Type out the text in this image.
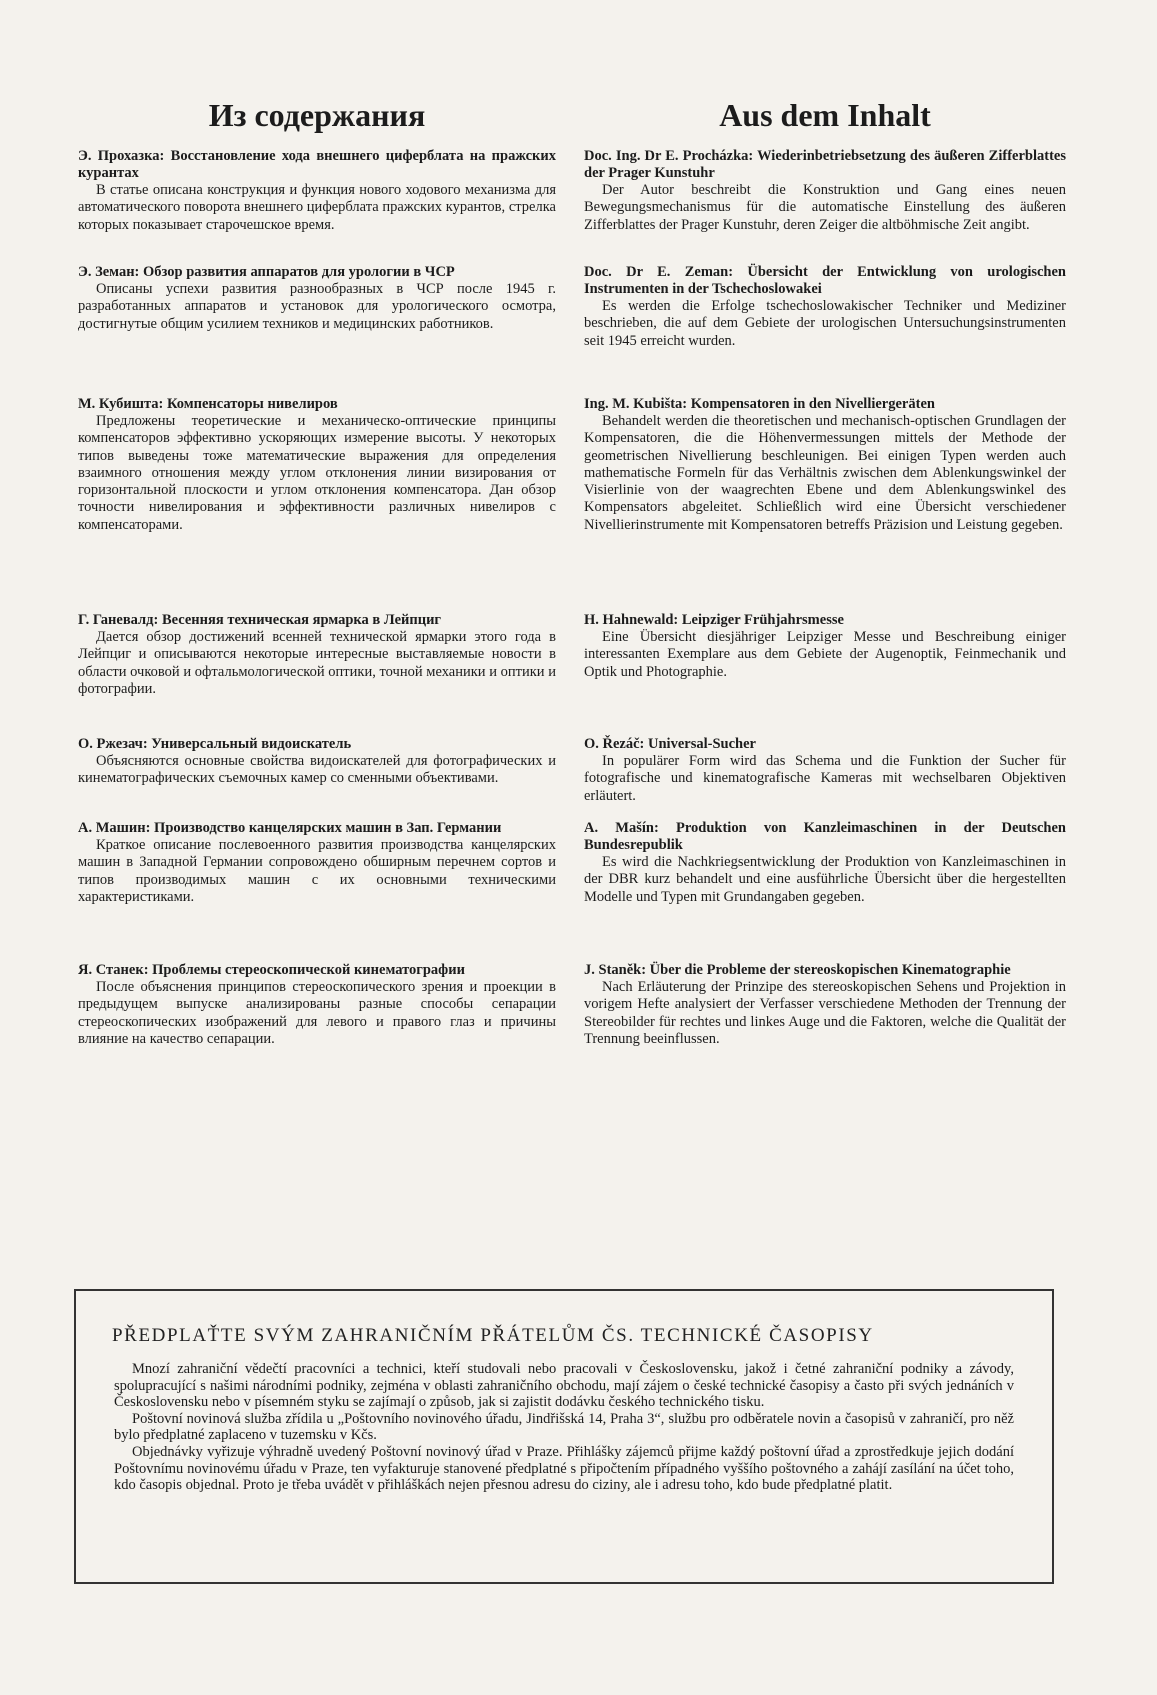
Из содержания
Э. Прохазка: Восстановление хода внешнего циферблата на пражских курантах
В статье описана конструкция и функция нового ходового механизма для автоматического поворота внешнего циферблата пражских курантов, стрелка которых показывает старочешское время.
Э. Земан: Обзор развития аппаратов для урологии в ЧСР
Описаны успехи развития разнообразных в ЧСР после 1945 г. разработанных аппаратов и установок для урологического осмотра, достигнутые общим усилием техников и медицинских работников.
М. Кубишта: Компенсаторы нивелиров
Предложены теоретические и механическо-оптические принципы компенсаторов эффективно ускоряющих измерение высоты. У некоторых типов выведены тоже математические выражения для определения взаимного отношения между углом отклонения линии визирования от горизонтальной плоскости и углом отклонения компенсатора. Дан обзор точности нивелирования и эффективности различных нивелиров с компенсаторами.
Г. Ганевалд: Весенняя техническая ярмарка в Лейпциг
Дается обзор достижений всенней технической ярмарки этого года в Лейпциг и описываются некоторые интересные выставляемые новости в области очковой и офтальмологической оптики, точной механики и оптики и фотографии.
О. Ржезач: Универсальный видоискатель
Объясняются основные свойства видоискателей для фотографических и кинематографических съемочных камер со сменными объективами.
А. Машин: Производство канцелярских машин в Зап. Германии
Краткое описание послевоенного развития производства канцелярских машин в Западной Германии сопровождено обширным перечнем сортов и типов производимых машин с их основными техническими характеристиками.
Я. Станек: Проблемы стереоскопической кинематографии
После объяснения принципов стереоскопического зрения и проекции в предыдущем выпуске анализированы разные способы сепарации стереоскопических изображений для левого и правого глаз и причины влияние на качество сепарации.
Aus dem Inhalt
Doc. Ing. Dr E. Procházka: Wiederinbetriebsetzung des äußeren Zifferblattes der Prager Kunstuhr
Der Autor beschreibt die Konstruktion und Gang eines neuen Bewegungsmechanismus für die automatische Einstellung des äußeren Zifferblattes der Prager Kunstuhr, deren Zeiger die altböhmische Zeit angibt.
Doc. Dr E. Zeman: Übersicht der Entwicklung von urologischen Instrumenten in der Tschechoslowakei
Es werden die Erfolge tschechoslowakischer Techniker und Mediziner beschrieben, die auf dem Gebiete der urologischen Untersuchungsinstrumenten seit 1945 erreicht wurden.
Ing. M. Kubišta: Kompensatoren in den Nivelliergeräten
Behandelt werden die theoretischen und mechanisch-optischen Grundlagen der Kompensatoren, die die Höhenvermessungen mittels der Methode der geometrischen Nivellierung beschleunigen. Bei einigen Typen werden auch mathematische Formeln für das Verhältnis zwischen dem Ablenkungswinkel der Visierlinie von der waagrechten Ebene und dem Ablenkungswinkel des Kompensators abgeleitet. Schließlich wird eine Übersicht verschiedener Nivellierinstrumente mit Kompensatoren betreffs Präzision und Leistung gegeben.
H. Hahnewald: Leipziger Frühjahrsmesse
Eine Übersicht diesjähriger Leipziger Messe und Beschreibung einiger interessanten Exemplare aus dem Gebiete der Augenoptik, Feinmechanik und Optik und Photographie.
O. Řezáč: Universal-Sucher
In populärer Form wird das Schema und die Funktion der Sucher für fotografische und kinematografische Kameras mit wechselbaren Objektiven erläutert.
A. Mašín: Produktion von Kanzleimaschinen in der Deutschen Bundesrepublik
Es wird die Nachkriegsentwicklung der Produktion von Kanzleimaschinen in der DBR kurz behandelt und eine ausführliche Übersicht über die hergestellten Modelle und Typen mit Grundangaben gegeben.
J. Staněk: Über die Probleme der stereoskopischen Kinematographie
Nach Erläuterung der Prinzipe des stereoskopischen Sehens und Projektion in vorigem Hefte analysiert der Verfasser verschiedene Methoden der Trennung der Stereobilder für rechtes und linkes Auge und die Faktoren, welche die Qualität der Trennung beeinflussen.
PŘEDPLAŤTE SVÝM ZAHRANIČNÍM PŘÁTELŮM ČS. TECHNICKÉ ČASOPISY

Mnozí zahraniční vědečtí pracovníci a technici, kteří studovali nebo pracovali v Československu, jakož i četné zahraniční podniky a závody, spolupracující s našimi národními podniky, zejména v oblasti zahraničního obchodu, mají zájem o české technické časopisy a často při svých jednáních v Československu nebo v písemném styku se zajímají o způsob, jak si zajistit dodávku českého technického tisku.

Poštovní novinová služba zřídila u „Poštovního novinového úřadu, Jindřišská 14, Praha 3“, službu pro odběratele novin a časopisů v zahraničí, pro něž bylo předplatné zaplaceno v tuzemsku v Kčs.

Objednávky vyřizuje výhradně uvedený Poštovní novinový úřad v Praze. Přihlášky zájemců přijme každý poštovní úřad a zprostředkuje jejich dodání Poštovnímu novinovému úřadu v Praze, ten vyfakturuje stanovené předplatné s připočtením případného vyššího poštovného a zahájí zasílání na účet toho, kdo časopis objednal. Proto je třeba uvádět v přihláškách nejen přesnou adresu do ciziny, ale i adresu toho, kdo bude předplatné platit.
